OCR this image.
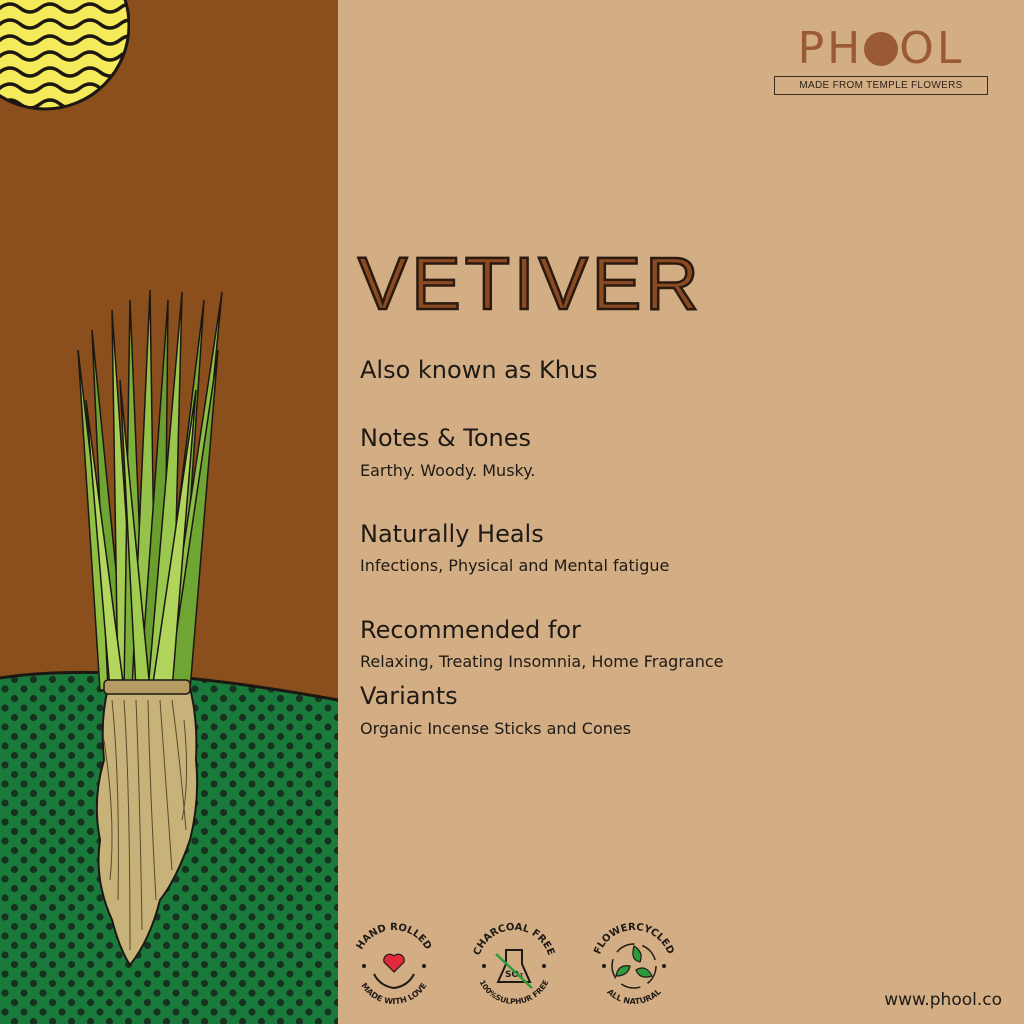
PH OL
MADE FROM TEMPLE FLOWERS
VETIVER
Also known as Khus
Notes & Tones
Earthy. Woody. Musky.
Naturally Heals
Infections, Physical and Mental fatigue
Recommended for
Relaxing, Treating Insomnia, Home Fragrance
Variants
Organic Incense Sticks and Cones
HAND ROLLED
MADE WITH LOVE
CHARCOAL FREE
100%SULPHUR FREE
SO₂
FLOWERCYCLED
ALL NATURAL	www.phool.co
